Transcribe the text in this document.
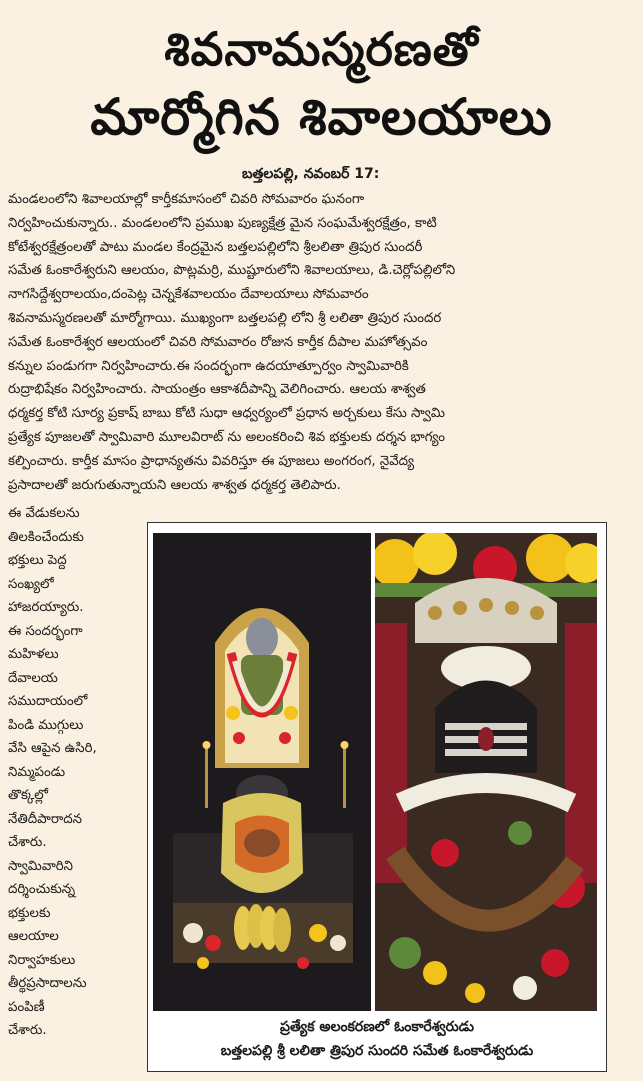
శివనామస్మరణతో
మార్మోగిన శివాలయాలు
బత్తలపల్లి, నవంబర్ 17:
మండలంలోని శివాలయాల్లో కార్తీకమాసంలో చివరి సోమవారం ఘనంగా
నిర్వహించుకున్నారు.. మండలంలోని ప్రముఖ పుణ్యక్షేత్ర మైన సంఘమేశ్వరక్షేత్రం, కాటి
కోటేశ్వరక్షేత్రంలతో పాటు మండల కేంద్రమైన బత్తలపల్లిలోని శ్రీలలితా త్రిపుర సుందరీ
సమేత ఓంకారేశ్వరుని ఆలయం, పొట్లమర్రి, ముష్టూరులోని శివాలయాలు, డి.చెర్లోపల్లిలోని
నాగసిద్దేశ్వరాలయం,దంపెట్ల చెన్నకేశవాలయం దేవాలయాలు సోమవారం
శివనామస్మరణలతో మార్మోగాయి. ముఖ్యంగా బత్తలపల్లి లోని శ్రీ లలితా త్రిపుర సుందర
సమేత ఓంకారేశ్వర ఆలయంలో చివరి సోమవారం రోజున కార్తీక దీపాల మహోత్సవం
కన్నుల పండుగగా నిర్వహించారు.ఈ సందర్భంగా ఉదయాత్పూర్వం స్వామివారికి
రుద్రాభిషేకం నిర్వహించారు. సాయంత్రం ఆకాశదీపాన్ని వెలిగించారు. ఆలయ శాశ్వత
ధర్మకర్త కోటి సూర్య ప్రకాష్ బాబు కోటి సుధా ఆధ్వర్యంలో ప్రధాన అర్చకులు కేసు స్వామి
ప్రత్యేక పూజలతో స్వామివారి మూలవిరాట్ ను అలంకరించి శివ భక్తులకు దర్శన భాగ్యం
కల్పించారు. కార్తీక మాసం ప్రాధాన్యతను వివరిస్తూ ఈ పూజలు అంగరంగ, నైవేద్య
ప్రసాదాలతో జరుగుతున్నాయని ఆలయ శాశ్వత ధర్మకర్త తెలిపారు.
ఈ వేడుకలను
తిలకించేందుకు
భక్తులు పెద్ద
సంఖ్యలో
హాజరయ్యారు.
ఈ సందర్భంగా
మహిళలు
దేవాలయ
సముదాయంలో
పిండి ముగ్గులు
వేసి ఆపైన ఉసిరి,
నిమ్మపండు
తొక్కల్లో
నేతిదీపారాదన
చేశారు.
స్వామివారిని
దర్శించుకున్న
భక్తులకు
ఆలయాల
నిర్వాహకులు
తీర్థప్రసాదాలను
పంపిణీ
చేశారు.	ప్రత్యేక అలంకరణలో ఓంకారేశ్వరుడు
బత్తలపల్లి శ్రీ లలితా త్రిపుర సుందరి సమేత ఓంకారేశ్వరుడు
